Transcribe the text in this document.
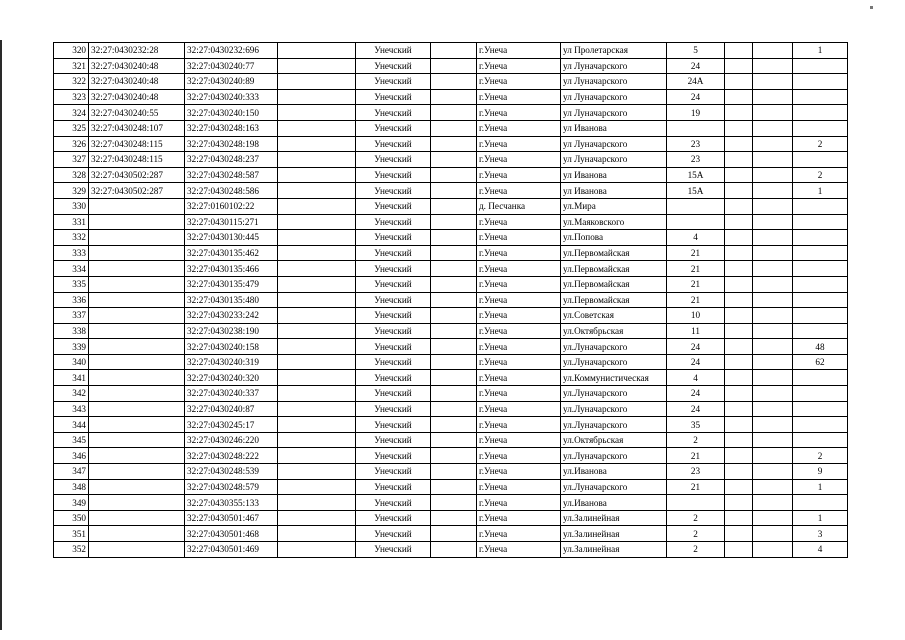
320	32:27:0430232:28	32:27:0430232:696		Унечский		г.Унеча	ул Пролетарская	5			1
321	32:27:0430240:48	32:27:0430240:77		Унечский		г.Унеча	ул Луначарского	24			
322	32:27:0430240:48	32:27:0430240:89		Унечский		г.Унеча	ул Луначарского	24А			
323	32:27:0430240:48	32:27:0430240:333		Унечский		г.Унеча	ул Луначарского	24			
324	32:27:0430240:55	32:27:0430240:150		Унечский		г.Унеча	ул Луначарского	19			
325	32:27:0430248:107	32:27:0430248:163		Унечский		г.Унеча	ул Иванова				
326	32:27:0430248:115	32:27:0430248:198		Унечский		г.Унеча	ул Луначарского	23			2
327	32:27:0430248:115	32:27:0430248:237		Унечский		г.Унеча	ул Луначарского	23			
328	32:27:0430502:287	32:27:0430248:587		Унечский		г.Унеча	ул Иванова	15А			2
329	32:27:0430502:287	32:27:0430248:586		Унечский		г.Унеча	ул Иванова	15А			1
330		32:27:0160102:22		Унечский		д. Песчанка	ул.Мира				
331		32:27:0430115:271		Унечский		г.Унеча	ул.Маяковского				
332		32:27:0430130:445		Унечский		г.Унеча	ул.Попова	4			
333		32:27:0430135:462		Унечский		г.Унеча	ул.Первомайская	21			
334		32:27:0430135:466		Унечский		г.Унеча	ул.Первомайская	21			
335		32:27:0430135:479		Унечский		г.Унеча	ул.Первомайская	21			
336		32:27:0430135:480		Унечский		г.Унеча	ул.Первомайская	21			
337		32:27:0430233:242		Унечский		г.Унеча	ул.Советская	10			
338		32:27:0430238:190		Унечский		г.Унеча	ул.Октябрьская	11			
339		32:27:0430240:158		Унечский		г.Унеча	ул.Луначарского	24			48
340		32:27:0430240:319		Унечский		г.Унеча	ул.Луначарского	24			62
341		32:27:0430240:320		Унечский		г.Унеча	ул.Коммунистическая	4			
342		32:27:0430240:337		Унечский		г.Унеча	ул.Луначарского	24			
343		32:27:0430240:87		Унечский		г.Унеча	ул.Луначарского	24			
344		32:27:0430245:17		Унечский		г.Унеча	ул.Луначарского	35			
345		32:27:0430246:220		Унечский		г.Унеча	ул.Октябрьская	2			
346		32:27:0430248:222		Унечский		г.Унеча	ул.Луначарского	21			2
347		32:27:0430248:539		Унечский		г.Унеча	ул.Иванова	23			9
348		32:27:0430248:579		Унечский		г.Унеча	ул.Луначарского	21			1
349		32:27:0430355:133		Унечский		г.Унеча	ул.Иванова				
350		32:27:0430501:467		Унечский		г.Унеча	ул.Залинейная	2			1
351		32:27:0430501:468		Унечский		г.Унеча	ул.Залинейная	2			3
352		32:27:0430501:469		Унечский		г.Унеча	ул.Залинейная	2			4
